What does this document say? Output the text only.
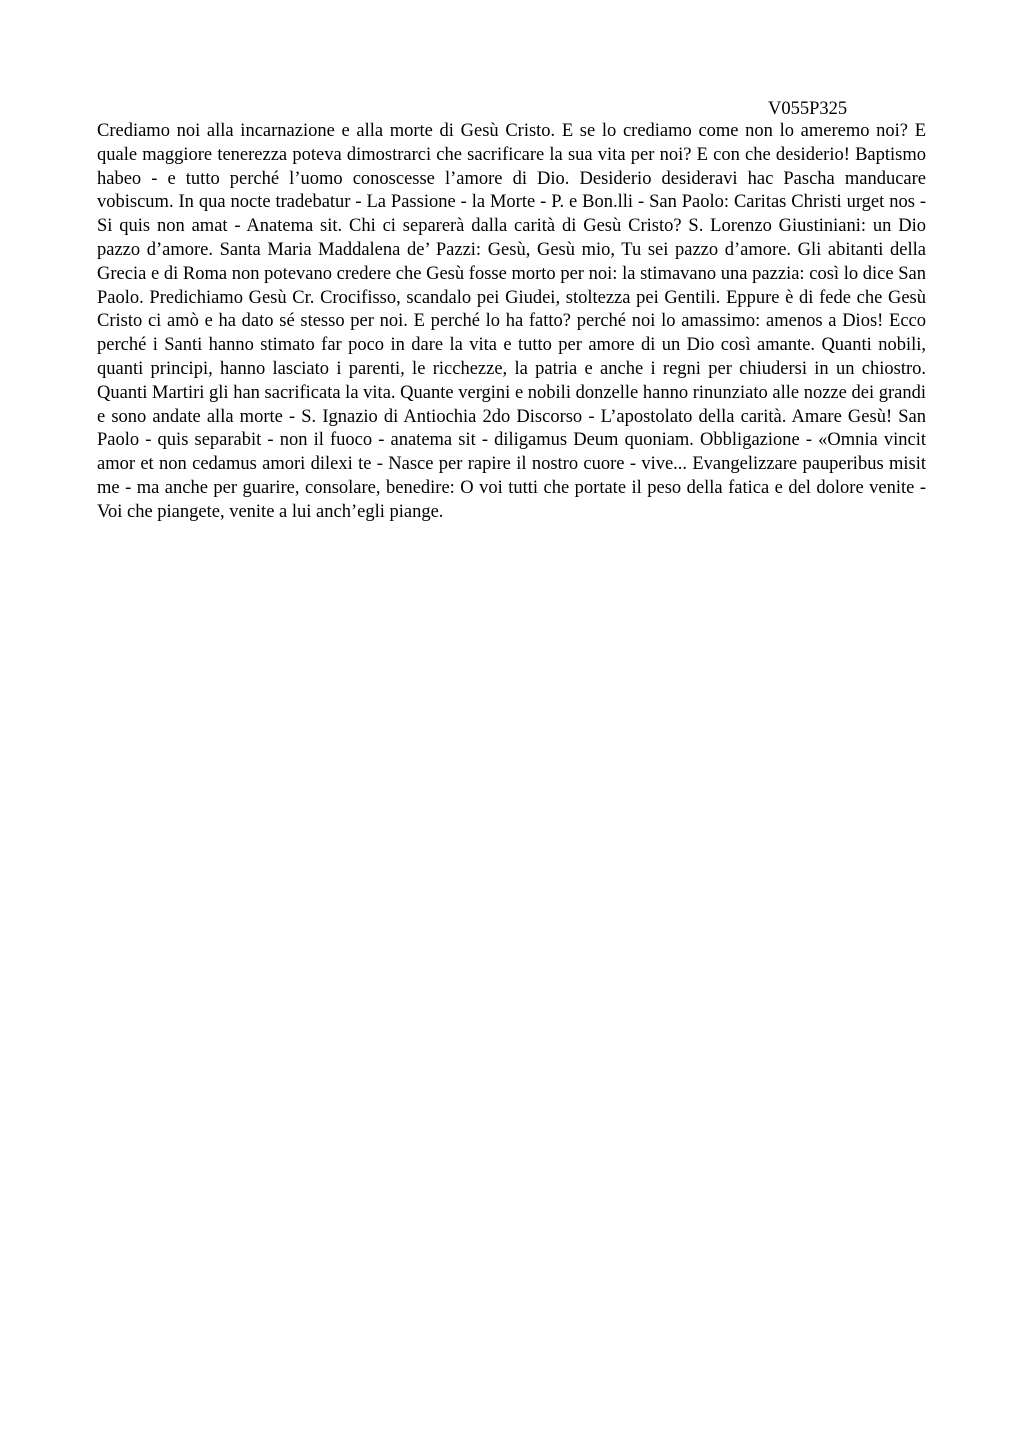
V055P325

Crediamo noi alla incarnazione e alla morte di Gesù Cristo. E se lo crediamo come non lo ameremo noi? E quale maggiore tenerezza poteva dimostrarci che sacrificare la sua vita per noi? E con che desiderio! Baptismo habeo - e tutto perché l’uomo conoscesse l’amore di Dio. Desiderio desideravi hac Pascha manducare vobiscum. In qua nocte tradebatur - La Passione - la Morte - P. e Bon.lli - San Paolo: Caritas Christi urget nos - Si quis non amat - Anatema sit. Chi ci separerà dalla carità di Gesù Cristo? S. Lorenzo Giustiniani: un Dio pazzo d’amore. Santa Maria Maddalena de’ Pazzi: Gesù, Gesù mio, Tu sei pazzo d’amore. Gli abitanti della Grecia e di Roma non potevano credere che Gesù fosse morto per noi: la stimavano una pazzia: così lo dice San Paolo. Predichiamo Gesù Cr. Crocifisso, scandalo pei Giudei, stoltezza pei Gentili. Eppure è di fede che Gesù Cristo ci amò e ha dato sé stesso per noi. E perché lo ha fatto? perché noi lo amassimo: amenos a Dios! Ecco perché i Santi hanno stimato far poco in dare la vita e tutto per amore di un Dio così amante. Quanti nobili, quanti principi, hanno lasciato i parenti, le ricchezze, la patria e anche i regni per chiudersi in un chiostro. Quanti Martiri gli han sacrificata la vita. Quante vergini e nobili donzelle hanno rinunziato alle nozze dei grandi e sono andate alla morte - S. Ignazio di Antiochia 2do Discorso - L’apostolato della carità. Amare Gesù! San Paolo - quis separabit - non il fuoco - anatema sit - diligamus Deum quoniam. Obbligazione - «Omnia vincit amor et non cedamus amori dilexi te - Nasce per rapire il nostro cuore - vive... Evangelizzare pauperibus misit me - ma anche per guarire, consolare, benedire: O voi tutti che portate il peso della fatica e del dolore venite - Voi che piangete, venite a lui anch’egli piange.
